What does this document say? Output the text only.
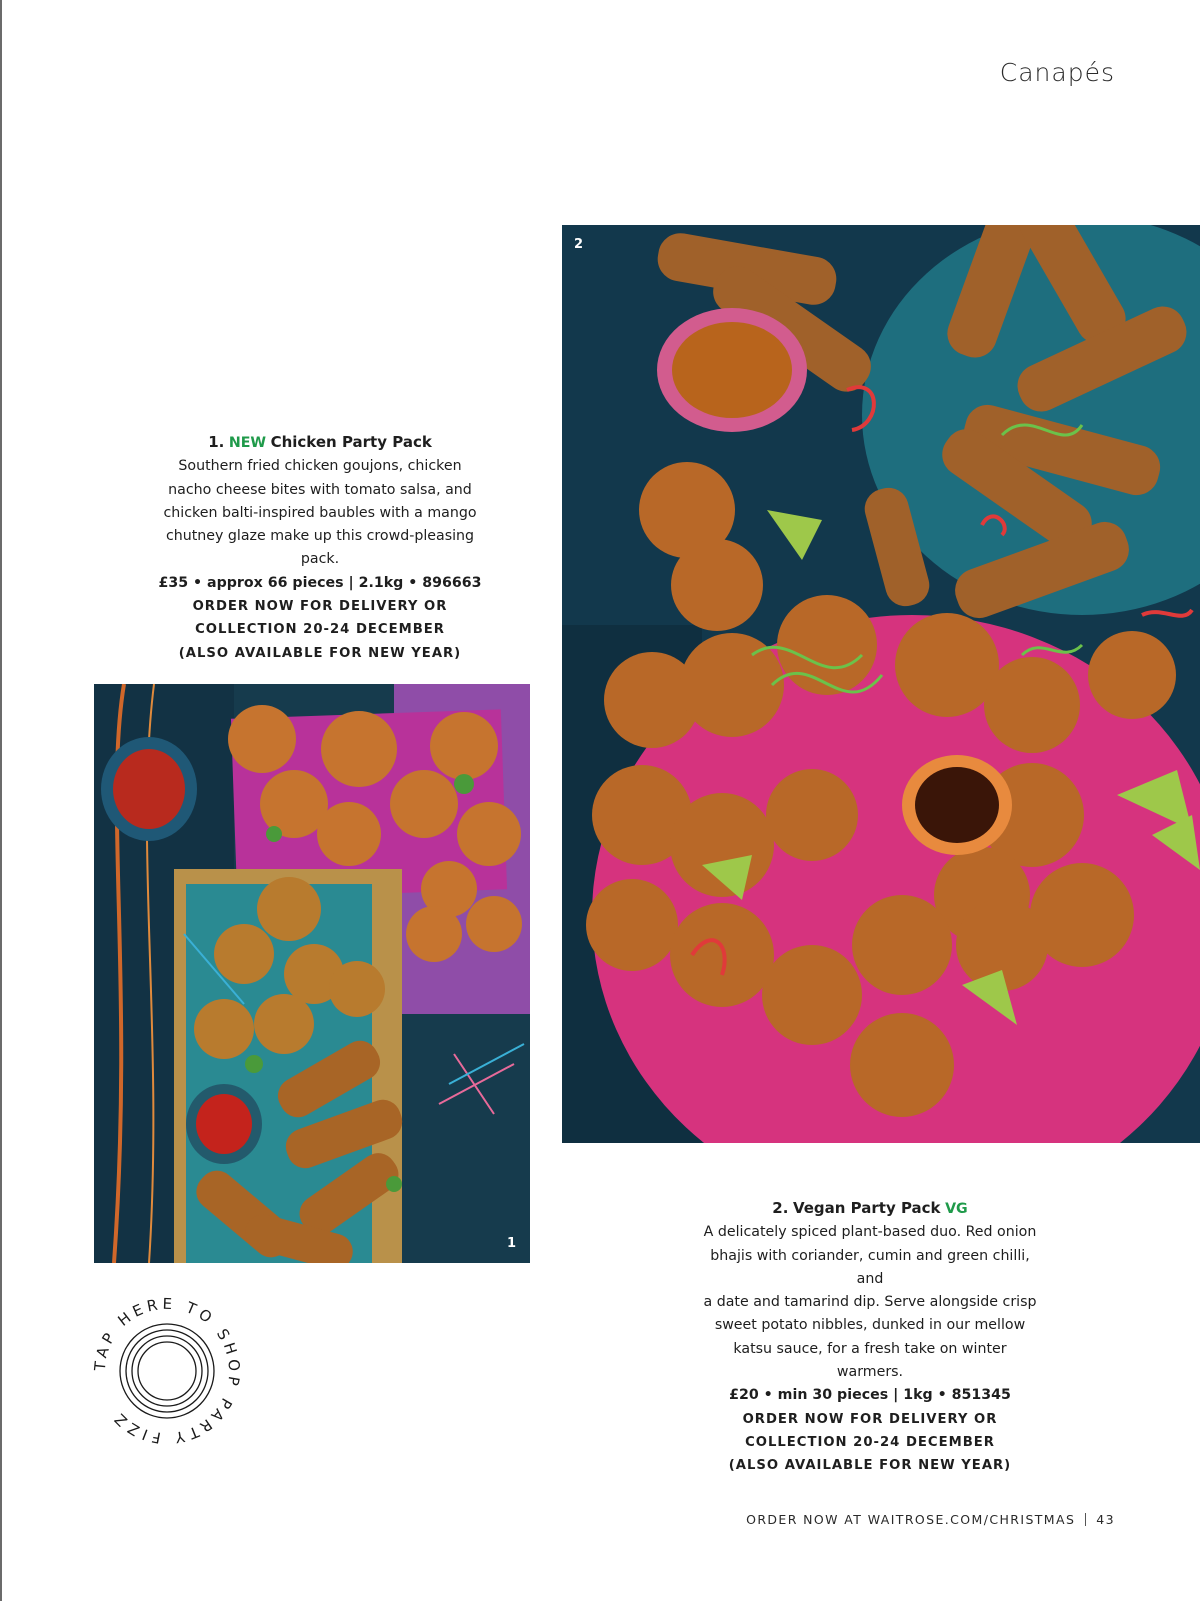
Canapés
1. NEW Chicken Party Pack
Southern fried chicken goujons, chicken
nacho cheese bites with tomato salsa, and
chicken balti-inspired baubles with a mango
chutney glaze make up this crowd-pleasing pack.
£35 • approx 66 pieces | 2.1kg • 896663
ORDER NOW FOR DELIVERY OR
COLLECTION 20-24 DECEMBER
(ALSO AVAILABLE FOR NEW YEAR)
1
2
2. Vegan Party Pack VG
A delicately spiced plant-based duo. Red onion
bhajis with coriander, cumin and green chilli, and
a date and tamarind dip. Serve alongside crisp
sweet potato nibbles, dunked in our mellow
katsu sauce, for a fresh take on winter warmers.
£20 • min 30 pieces | 1kg • 851345
ORDER NOW FOR DELIVERY OR
COLLECTION 20-24 DECEMBER
(ALSO AVAILABLE FOR NEW YEAR)
TAP HERE TO SHOP PARTY FIZZ
ORDER NOW AT WAITROSE.COM/CHRISTMAS 43
